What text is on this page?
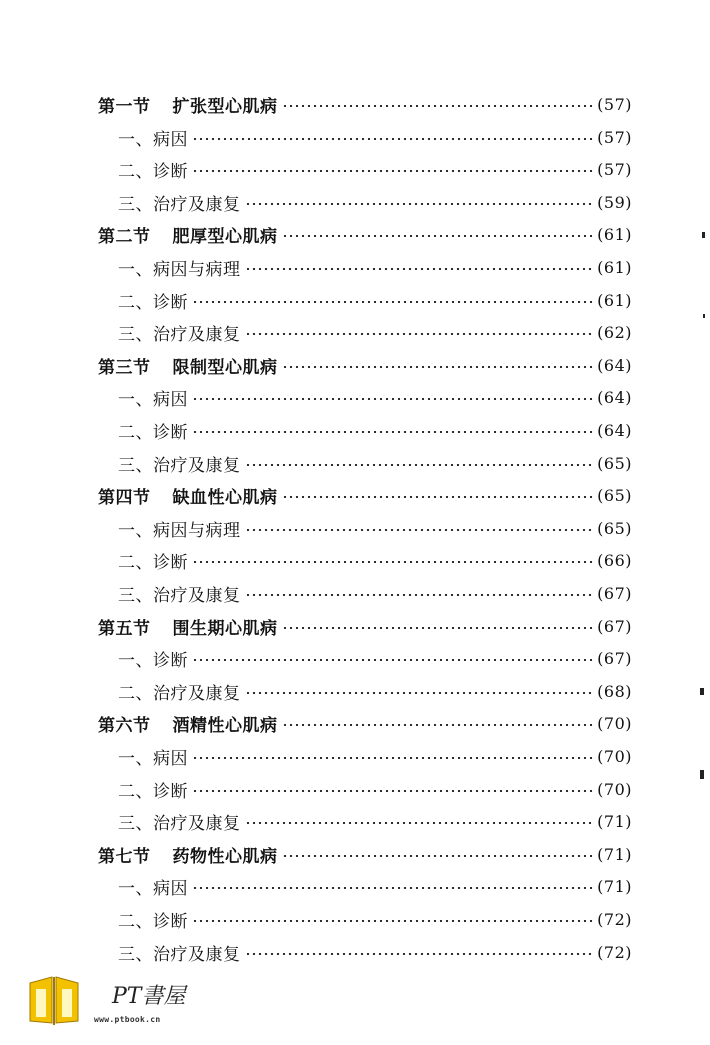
第一节 扩张型心肌病	(57)
一、病因	(57)
二、诊断	(57)
三、治疗及康复	(59)
第二节 肥厚型心肌病	(61)
一、病因与病理	(61)
二、诊断	(61)
三、治疗及康复	(62)
第三节 限制型心肌病	(64)
一、病因	(64)
二、诊断	(64)
三、治疗及康复	(65)
第四节 缺血性心肌病	(65)
一、病因与病理	(65)
二、诊断	(66)
三、治疗及康复	(67)
第五节 围生期心肌病	(67)
一、诊断	(67)
二、治疗及康复	(68)
第六节 酒精性心肌病	(70)
一、病因	(70)
二、诊断	(70)
三、治疗及康复	(71)
第七节 药物性心肌病	(71)
一、病因	(71)
二、诊断	(72)
三、治疗及康复	(72)
PT書屋
www.ptbook.cn
